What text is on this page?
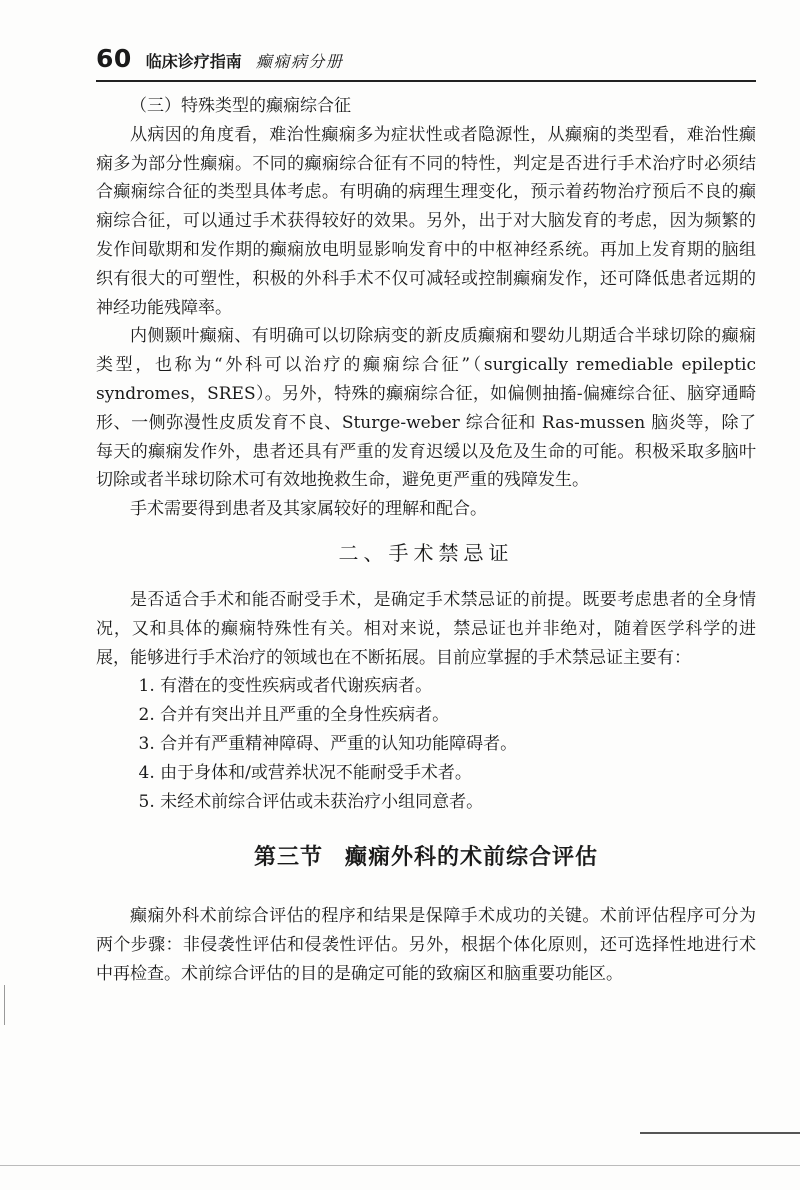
60 临床诊疗指南 癫痫病分册

（三）特殊类型的癫痫综合征

从病因的角度看，难治性癫痫多为症状性或者隐源性，从癫痫的类型看，难治性癫痫多为部分性癫痫。不同的癫痫综合征有不同的特性，判定是否进行手术治疗时必须结合癫痫综合征的类型具体考虑。有明确的病理生理变化，预示着药物治疗预后不良的癫痫综合征，可以通过手术获得较好的效果。另外，出于对大脑发育的考虑，因为频繁的发作间歇期和发作期的癫痫放电明显影响发育中的中枢神经系统。再加上发育期的脑组织有很大的可塑性，积极的外科手术不仅可减轻或控制癫痫发作，还可降低患者远期的神经功能残障率。

内侧颞叶癫痫、有明确可以切除病变的新皮质癫痫和婴幼儿期适合半球切除的癫痫类型，也称为“外科可以治疗的癫痫综合征”（surgically remediable epileptic syndromes，SRES）。另外，特殊的癫痫综合征，如偏侧抽搐-偏瘫综合征、脑穿通畸形、一侧弥漫性皮质发育不良、Sturge-weber 综合征和 Ras-mussen 脑炎等，除了每天的癫痫发作外，患者还具有严重的发育迟缓以及危及生命的可能。积极采取多脑叶切除或者半球切除术可有效地挽救生命，避免更严重的残障发生。

手术需要得到患者及其家属较好的理解和配合。

二、手术禁忌证

是否适合手术和能否耐受手术，是确定手术禁忌证的前提。既要考虑患者的全身情况，又和具体的癫痫特殊性有关。相对来说，禁忌证也并非绝对，随着医学科学的进展，能够进行手术治疗的领域也在不断拓展。目前应掌握的手术禁忌证主要有：

1. 有潜在的变性疾病或者代谢疾病者。
2. 合并有突出并且严重的全身性疾病者。
3. 合并有严重精神障碍、严重的认知功能障碍者。
4. 由于身体和/或营养状况不能耐受手术者。
5. 未经术前综合评估或未获治疗小组同意者。
第三节 癫痫外科的术前综合评估

癫痫外科术前综合评估的程序和结果是保障手术成功的关键。术前评估程序可分为两个步骤：非侵袭性评估和侵袭性评估。另外，根据个体化原则，还可选择性地进行术中再检查。术前综合评估的目的是确定可能的致痫区和脑重要功能区。
